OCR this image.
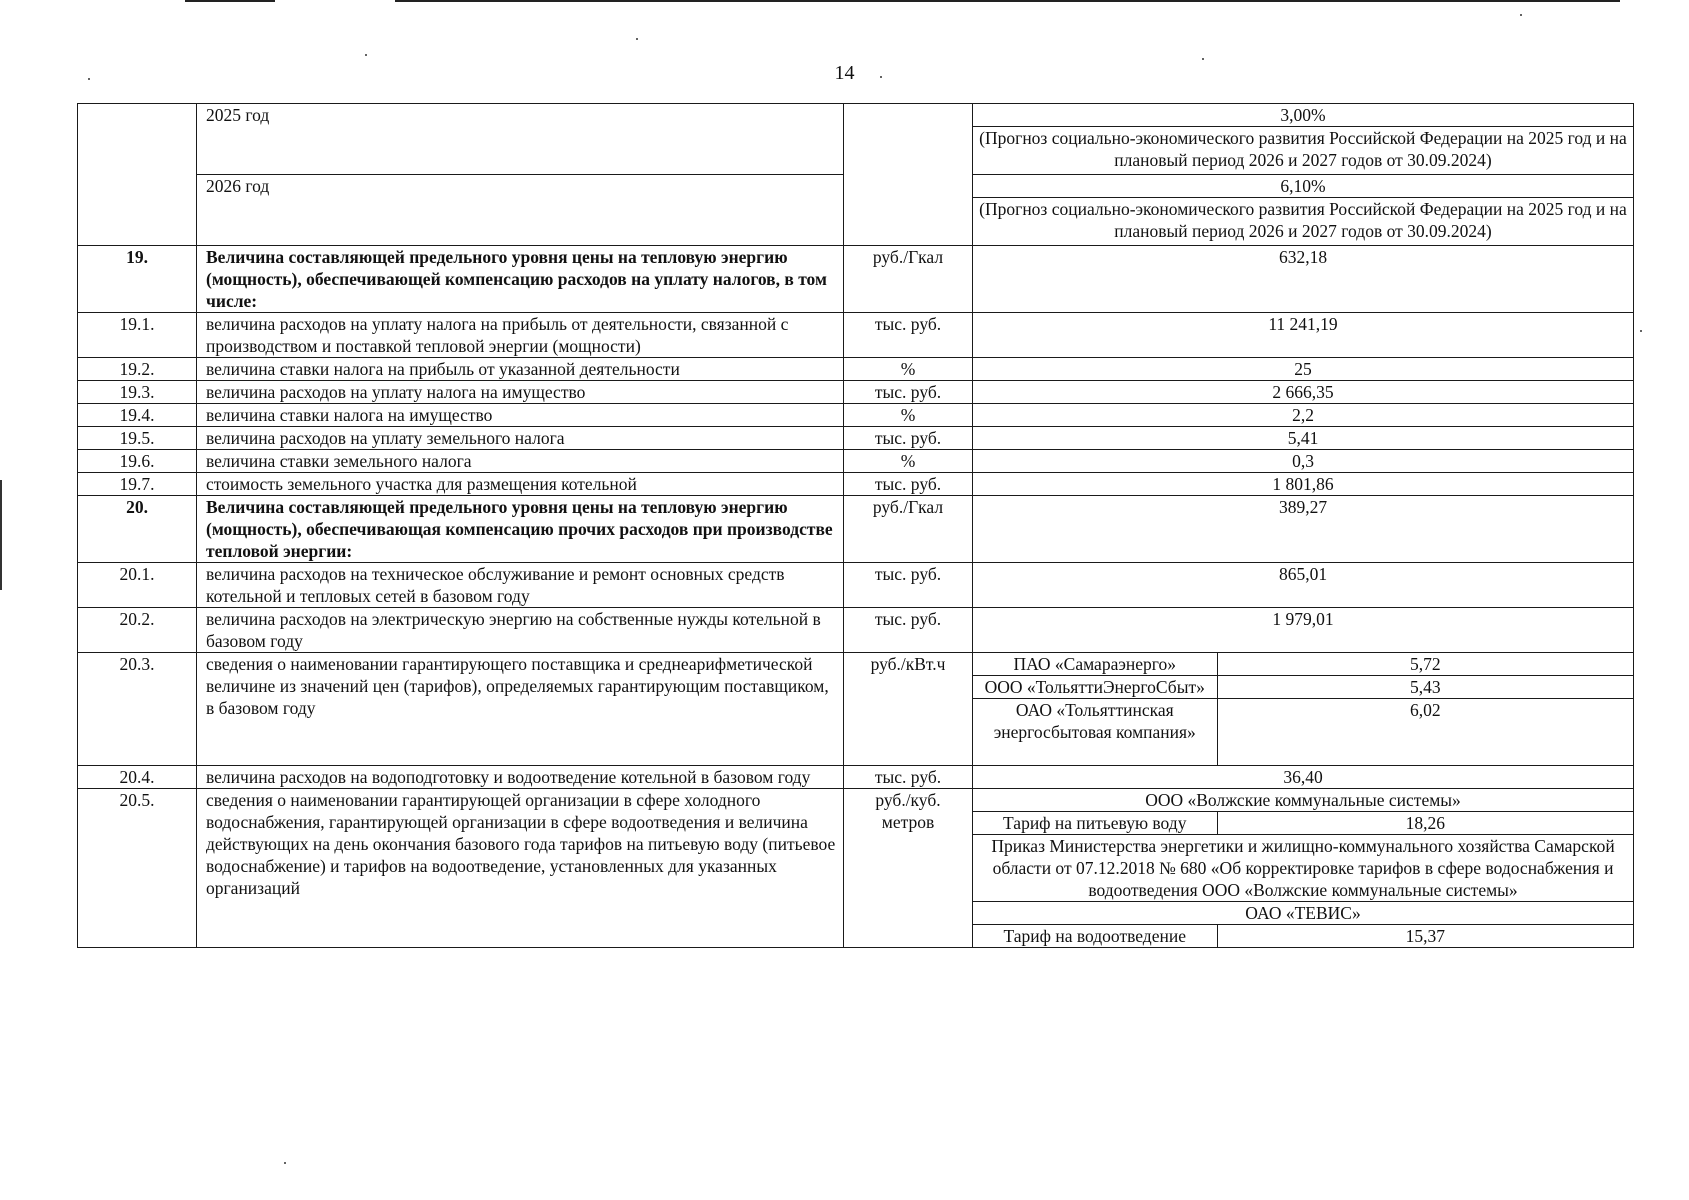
14
	2025 год			3,00%
(Прогноз социально-экономического развития Российской Федерации на 2025 год и на плановый период 2026 и 2027 годов от 30.09.2024)

2026 год		6,10%
(Прогноз социально-экономического развития Российской Федерации на 2025 год и на плановый период 2026 и 2027 годов от 30.09.2024)

19.	Величина составляющей предельного уровня цены на тепловую энергию (мощность), обеспечивающей компенсацию расходов на уплату налогов, в том числе:	руб./Гкал	632,18
19.1.	величина расходов на уплату налога на прибыль от деятельности, связанной с производством и поставкой тепловой энергии (мощности)	тыс. руб.	11 241,19
19.2.	величина ставки налога на прибыль от указанной деятельности	%	25
19.3.	величина расходов на уплату налога на имущество	тыс. руб.	2 666,35
19.4.	величина ставки налога на имущество	%	2,2
19.5.	величина расходов на уплату земельного налога	тыс. руб.	5,41
19.6.	величина ставки земельного налога	%	0,3
19.7.	стоимость земельного участка для размещения котельной	тыс. руб.	1 801,86
20.	Величина составляющей предельного уровня цены на тепловую энергию (мощность), обеспечивающая компенсацию прочих расходов при производстве тепловой энергии:	руб./Гкал	389,27
20.1.	величина расходов на техническое обслуживание и ремонт основных средств котельной и тепловых сетей в базовом году	тыс. руб.	865,01
20.2.	величина расходов на электрическую энергию на собственные нужды котельной в базовом году	тыс. руб.	1 979,01
20.3.	сведения о наименовании гарантирующего поставщика и среднеарифметической величине из значений цен (тарифов), определяемых гарантирующим поставщиком, в базовом году	руб./кВт.ч		ПАО «Самараэнерго»	5,72
ООО «ТольяттиЭнергоСбыт»	5,43
ОАО «Тольяттинская энергосбытовая компания»	6,02

20.4.	величина расходов на водоподготовку и водоотведение котельной в базовом году	тыс. руб.	36,40
20.5.	сведения о наименовании гарантирующей организации в сфере холодного водоснабжения, гарантирующей организации в сфере водоотведения и величина действующих на день окончания базового года тарифов на питьевую воду (питьевое водоснабжение) и тарифов на водоотведение, установленных для указанных организаций	руб./куб. метров	
ООО «Волжские коммунальные системы»
Тариф на питьевую воду	18,26
Приказ Министерства энергетики и жилищно-коммунального хозяйства Самарской области от 07.12.2018 № 680 «Об корректировке тарифов в сфере водоснабжения и водоотведения ООО «Волжские коммунальные системы»
ОАО «ТЕВИС»
Тариф на водоотведение	15,37
